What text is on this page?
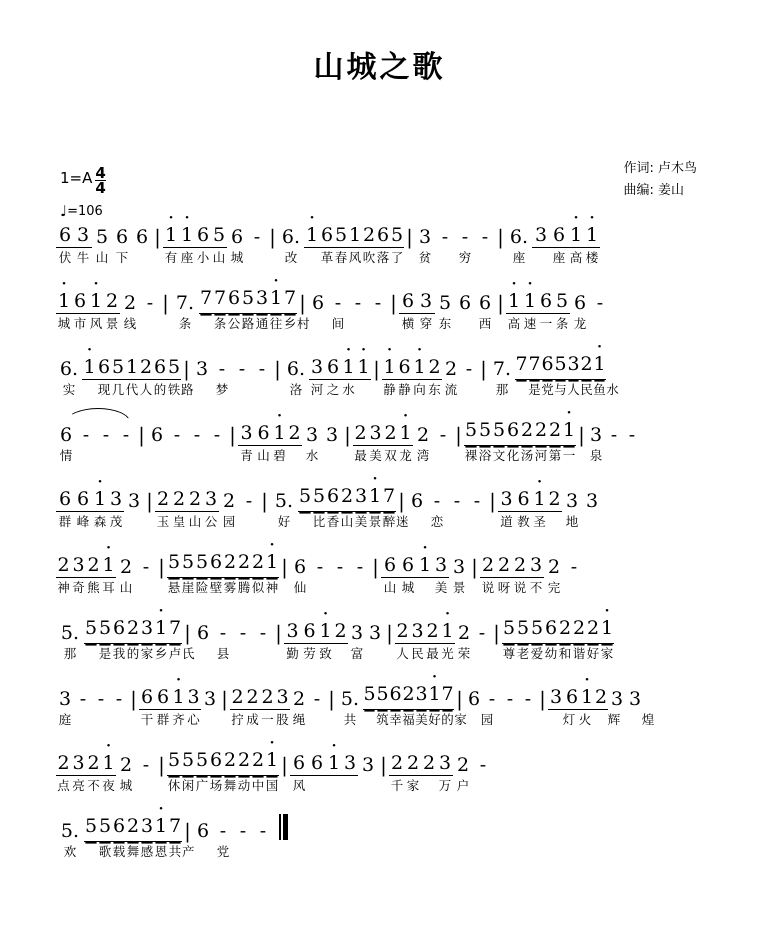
山城之歌
作词: 卢木鸟
曲编: 姜山
$1=A \frac{4}{4}$
♩=106
6 3 5 6 6 | · 1 · 1 6 5 6 - | 6. · 1 6 5 1 2 6 5 | 3 - - - | 6. 3 6 · 1 · 1
伏 牛 山 下	有 座 小 山 城	改	革 春 风 吹 落 了 贫	穷	座	座 高 楼
· 1 6 · 1 2 2 - | 7. 7 7 6 5 3 · 1 7 | 6 - - - | 6 3 5 6 6 | · 1 · 1 6 5 6 -
城 市 风 景 线	条	条 公 路 通 往 乡 村 间	横 穿 东	西	高 速 一 条 龙
6. · 1 6 5 1 2 6 5 | 3 - - - | 6. 3 6 · 1 · 1 | · 1 6 · 1 2 2 - | 7. 7 7 6 5 3 2 · 1
实	现 几 代 人 的 铁 路 梦	洛 河 之 水 静 静 向 东 流	那	是 党 与 人 民 鱼 水
6 - - - | 6 - - - | 3 6 · 1 2 3 3 | 2 3 2 · 1 2 - | 5 5 5 6 2 2 2 · 1 | 3 - -
情	青 山 碧 水	最 美 双 龙 湾	裸 浴 文 化 汤 河 第 一 泉
6 6 · 1 3 3 | 2 2 2 3 2 - | 5. 5 5 6 2 3 · 1 7 | 6 - - - | 3 6 · 1 2 3 3
群 峰 森 茂	玉 皇 山 公 园	好	比 香 山 美 景 醉 迷 恋	道 教 圣 地
2 3 2 · 1 2 - | 5 5 5 6 2 2 2 · 1 | 6 - - - | 6 6 · 1 3 3 | 2 2 2 3 2 -
神 奇 熊 耳 山	悬 崖 险 壁 雾 腾 似 神 仙	山 城 美 景	说 呀 说 不 完
5. 5 5 6 2 3 · 1 7 | 6 - - - | 3 6 · 1 2 3 3 | 2 3 2 · 1 2 - | 5 5 5 6 2 2 2 · 1
那	是 我 的 家 乡 卢 氏 县	勤 劳 致 富	人 民 最 光 荣	尊 老 爱 幼 和 谐 好 家
3 - - - | 6 6 · 1 3 3 | 2 2 2 3 2 - | 5. 5 5 6 2 3 · 1 7 | 6 - - - | 3 6 · 1 2 3 3
庭	干 群 齐 心	拧 成 一 股 绳	共	筑 幸 福 美 好 的 家 园	灯 火 辉 煌
2 3 2 · 1 2 - | 5 5 5 6 2 2 2 · 1 | 6 6 · 1 3 3 | 2 2 2 3 2 -
点 亮 不 夜 城	休 闲 广 场 舞 动 中 国 风	千 家 万 户
5. 5 5 6 2 3 · 1 7 | 6 - - -
欢	歌 载 舞 感 恩 共 产 党
